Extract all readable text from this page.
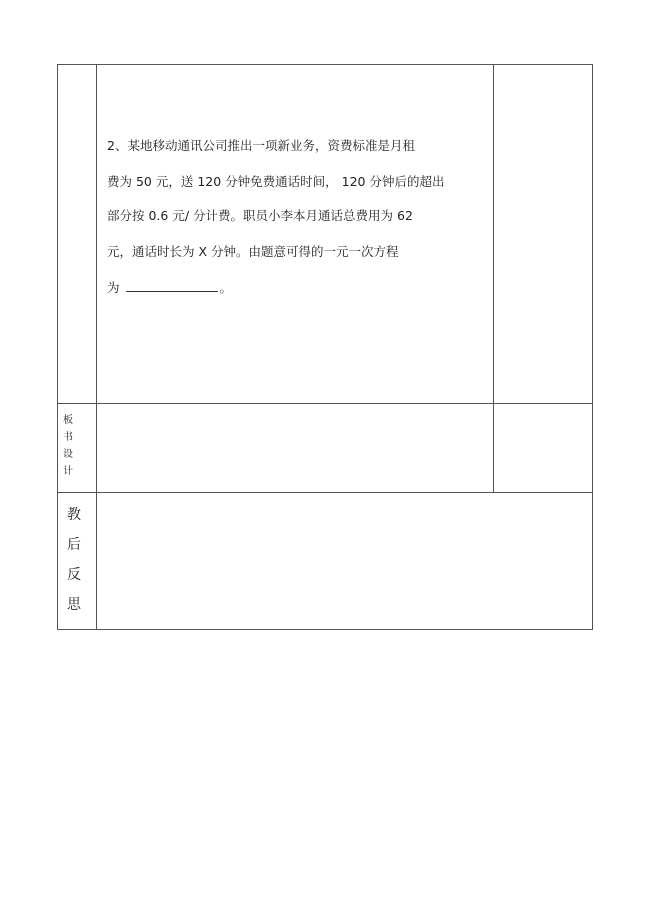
2、某地移动通讯公司推出一项新业务，资费标准是月租
费为 50 元，送 120 分钟免费通话时间， 120 分钟后的超出
部分按 0.6 元/ 分计费。职员小李本月通话总费用为 62
元，通话时长为 X 分钟。由题意可得的一元一次方程
为	。
板
书
设
计
教
后
反
思
